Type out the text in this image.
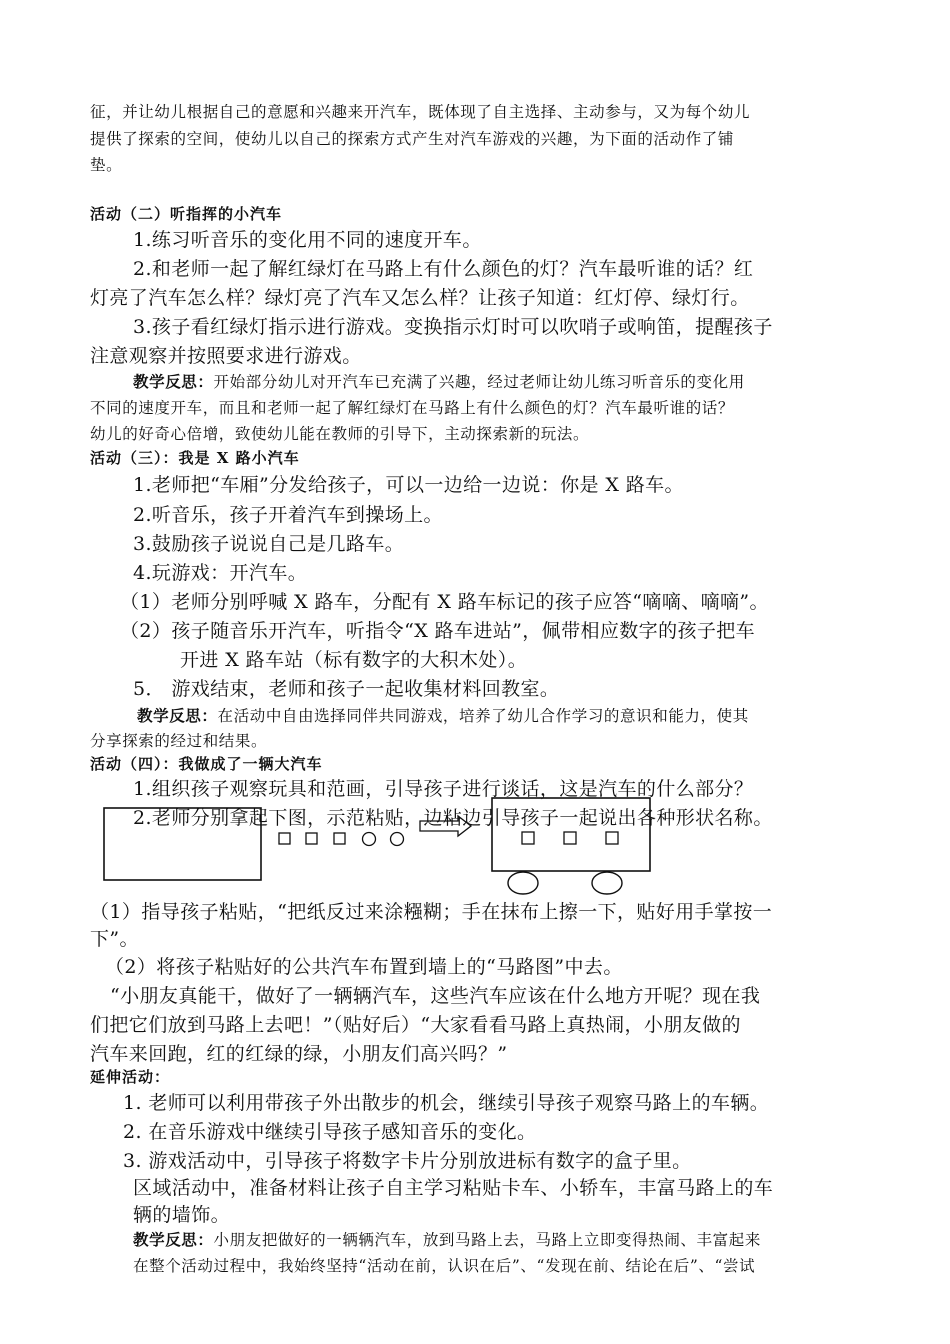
征，并让幼儿根据自己的意愿和兴趣来开汽车，既体现了自主选择、主动参与，又为每个幼儿

提供了探索的空间，使幼儿以自己的探索方式产生对汽车游戏的兴趣，为下面的活动作了铺

垫。

活动（二）听指挥的小汽车

1.练习听音乐的变化用不同的速度开车。

2.和老师一起了解红绿灯在马路上有什么颜色的灯？汽车最听谁的话？红

灯亮了汽车怎么样？绿灯亮了汽车又怎么样？让孩子知道：红灯停、绿灯行。

3.孩子看红绿灯指示进行游戏。变换指示灯时可以吹哨子或响笛，提醒孩子

注意观察并按照要求进行游戏。

教学反思：开始部分幼儿对开汽车已充满了兴趣，经过老师让幼儿练习听音乐的变化用

不同的速度开车，而且和老师一起了解红绿灯在马路上有什么颜色的灯？汽车最听谁的话？

幼儿的好奇心倍增，致使幼儿能在教师的引导下，主动探索新的玩法。

活动（三）：我是 X 路小汽车

1.老师把“车厢”分发给孩子，可以一边给一边说：你是 X 路车。

2.听音乐，孩子开着汽车到操场上。

3.鼓励孩子说说自己是几路车。

4.玩游戏：开汽车。

（1）老师分别呼喊 X 路车，分配有 X 路车标记的孩子应答“嘀嘀、嘀嘀”。

（2）孩子随音乐开汽车，听指令“X 路车进站”，佩带相应数字的孩子把车

开进 X 路车站（标有数字的大积木处）。

5． 游戏结束，老师和孩子一起收集材料回教室。

教学反思：在活动中自由选择同伴共同游戏，培养了幼儿合作学习的意识和能力，使其

分享探索的经过和结果。

活动（四）：我做成了一辆大汽车

1.组织孩子观察玩具和范画，引导孩子进行谈话，这是汽车的什么部分？

2.老师分别拿起下图，示范粘贴，边粘边引导孩子一起说出各种形状名称。

（1）指导孩子粘贴，“把纸反过来涂糨糊；手在抹布上擦一下，贴好用手掌按一

下”。

（2）将孩子粘贴好的公共汽车布置到墙上的“马路图”中去。

“小朋友真能干，做好了一辆辆汽车，这些汽车应该在什么地方开呢？现在我

们把它们放到马路上去吧！”（贴好后）“大家看看马路上真热闹，小朋友做的

汽车来回跑，红的红绿的绿，小朋友们高兴吗？”

延伸活动：

1. 老师可以利用带孩子外出散步的机会，继续引导孩子观察马路上的车辆。

2. 在音乐游戏中继续引导孩子感知音乐的变化。

3. 游戏活动中，引导孩子将数字卡片分别放进标有数字的盒子里。

区域活动中，准备材料让孩子自主学习粘贴卡车、小轿车，丰富马路上的车

辆的墙饰。

教学反思：小朋友把做好的一辆辆汽车，放到马路上去，马路上立即变得热闹、丰富起来

在整个活动过程中，我始终坚持“活动在前，认识在后”、“发现在前、结论在后”、“尝试
